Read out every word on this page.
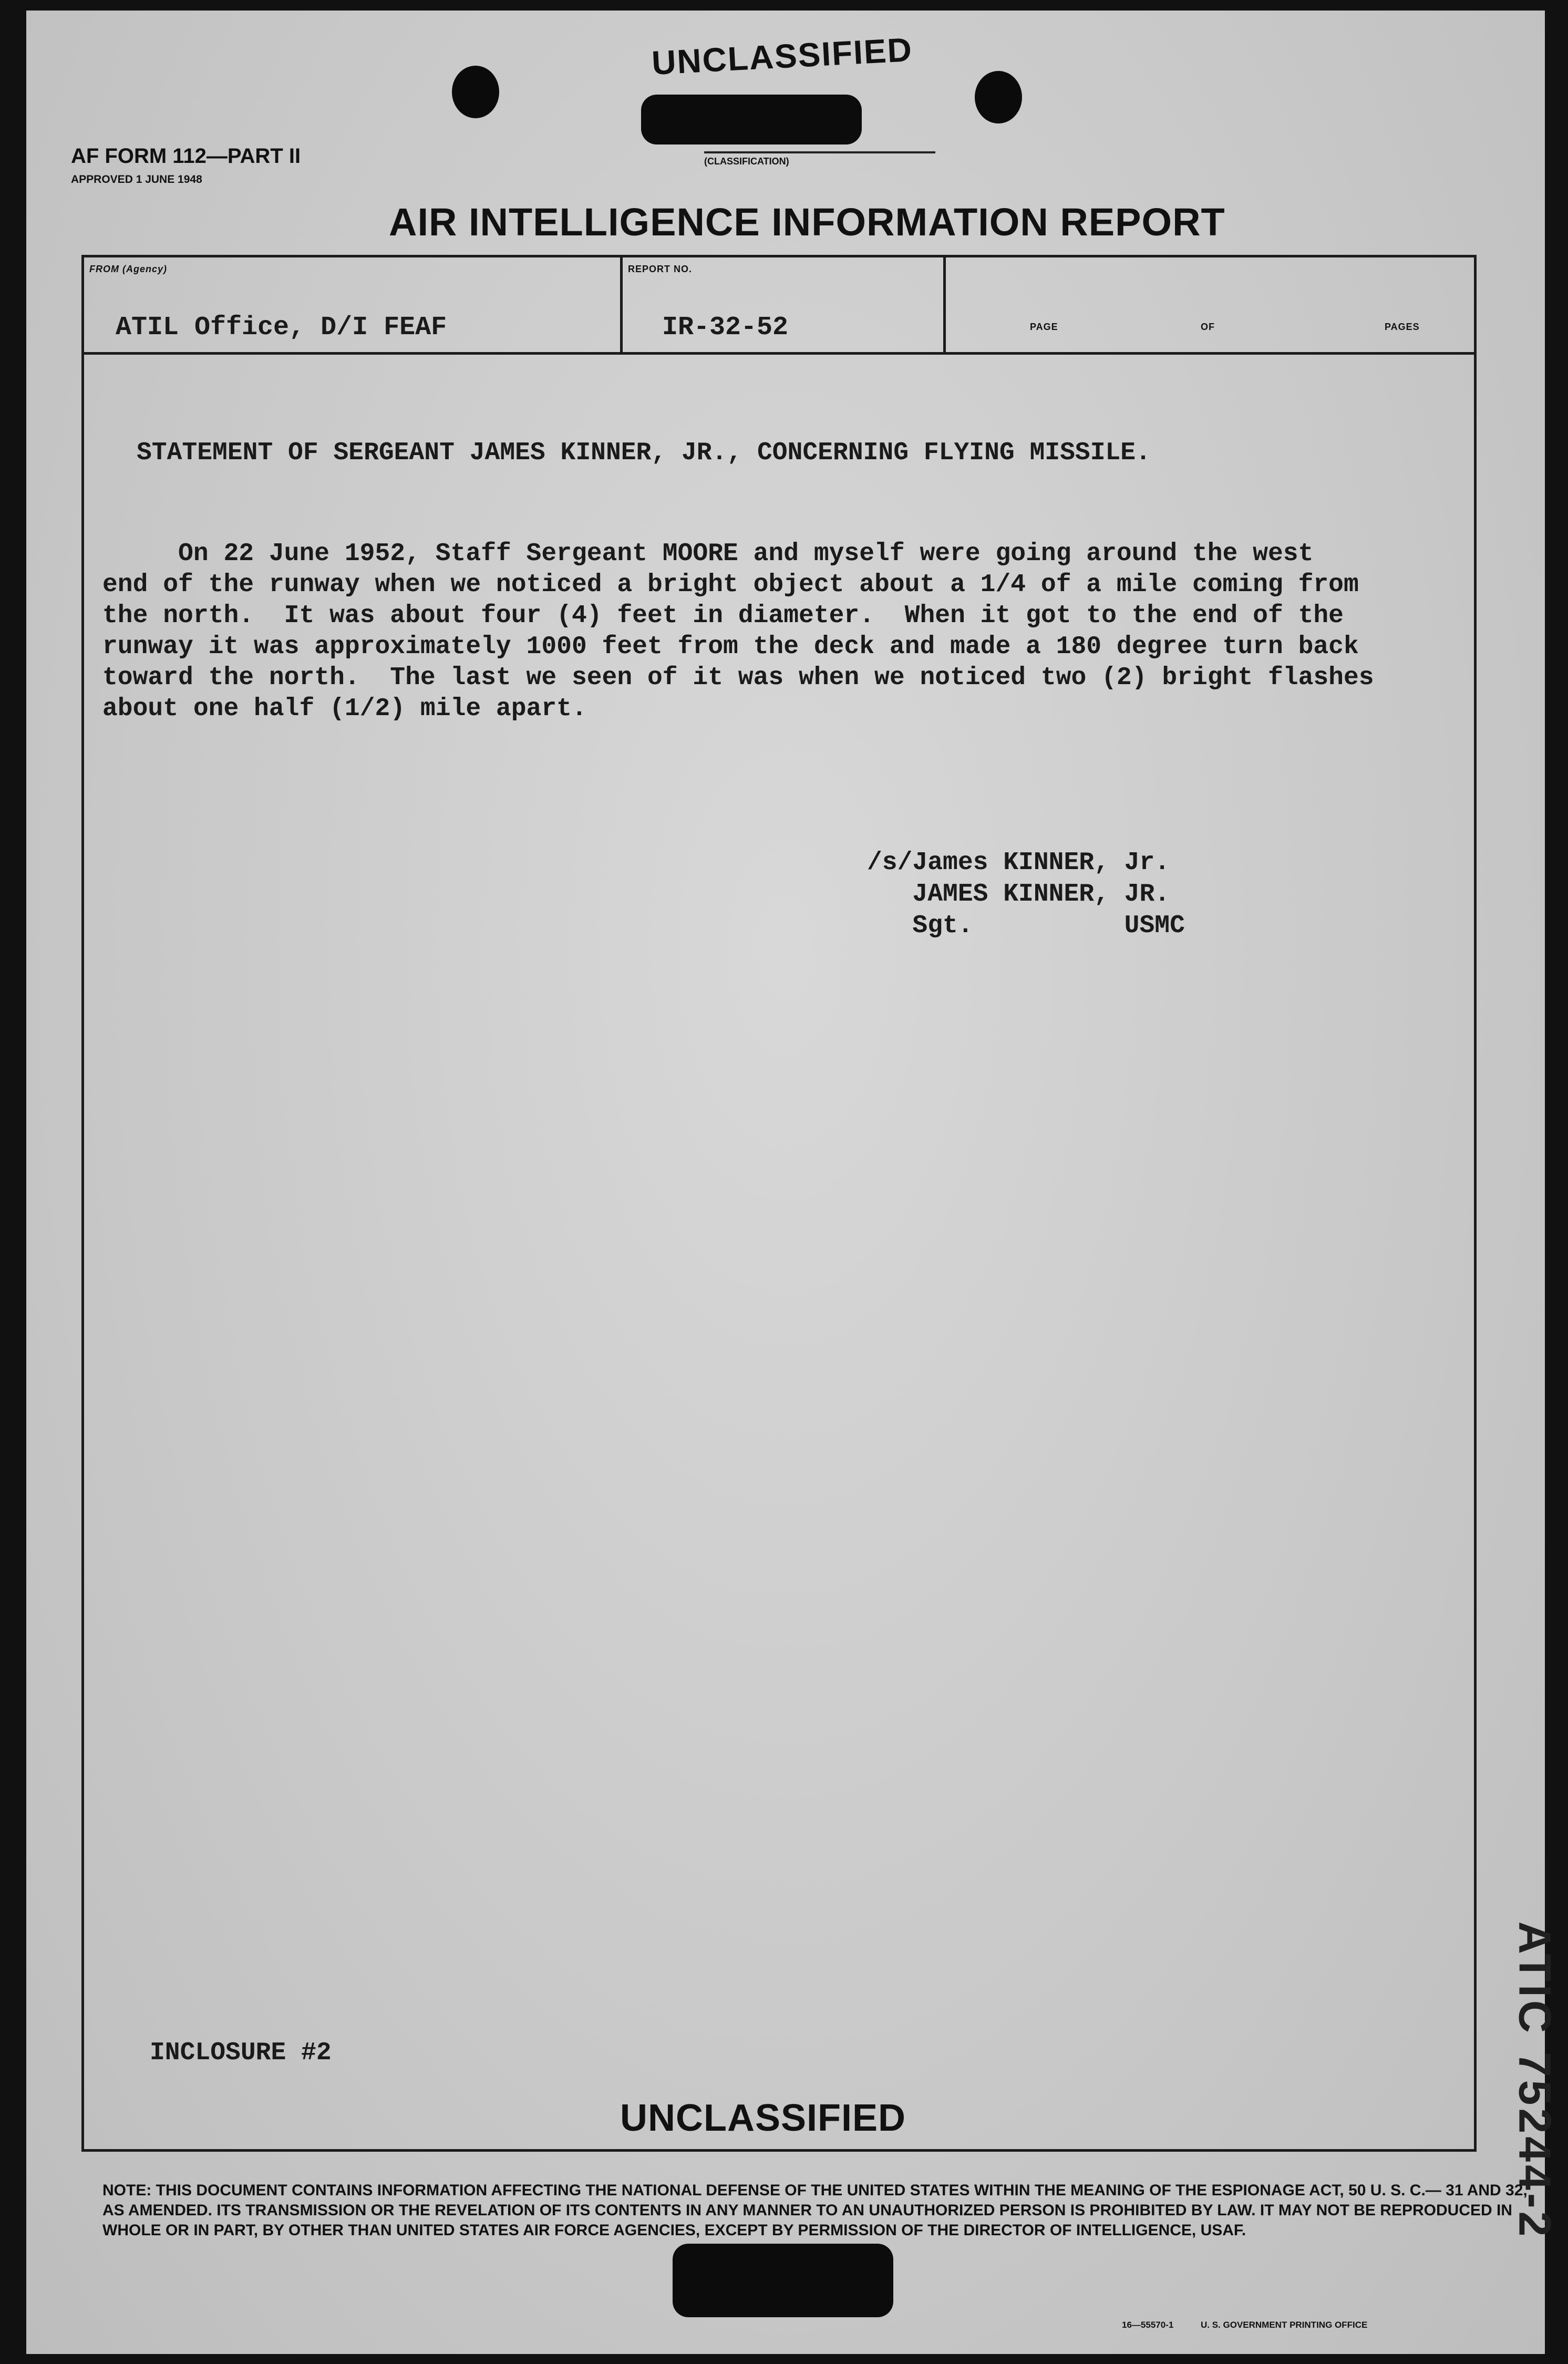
UNCLASSIFIED
(CLASSIFICATION)
AF FORM 112—PART II
APPROVED 1 JUNE 1948
AIR INTELLIGENCE INFORMATION REPORT
FROM (Agency)
ATIL Office, D/I FEAF
REPORT NO.
IR-32-52	PAGE	OF	PAGES
STATEMENT OF SERGEANT JAMES KINNER, JR., CONCERNING FLYING MISSILE.
On 22 June 1952, Staff Sergeant MOORE and myself were going around the west
end of the runway when we noticed a bright object about a 1/4 of a mile coming from
the north.  It was about four (4) feet in diameter.  When it got to the end of the
runway it was approximately 1000 feet from the deck and made a 180 degree turn back
toward the north.  The last we seen of it was when we noticed two (2) bright flashes
about one half (1/2) mile apart.
/s/James KINNER, Jr.
JAMES KINNER, JR.
Sgt.          USMC
INCLOSURE #2
UNCLASSIFIED	ATIC 75244-2
NOTE: THIS DOCUMENT CONTAINS INFORMATION AFFECTING THE NATIONAL DEFENSE OF THE UNITED STATES WITHIN THE MEANING OF THE ESPIONAGE ACT, 50 U. S. C.— 31 AND 32, AS AMENDED. ITS TRANSMISSION OR THE REVELATION OF ITS CONTENTS IN ANY MANNER TO AN UNAUTHORIZED PERSON IS PROHIBITED BY LAW. IT MAY NOT BE REPRODUCED IN WHOLE OR IN PART, BY OTHER THAN UNITED STATES AIR FORCE AGENCIES, EXCEPT BY PERMISSION OF THE DIRECTOR OF INTELLIGENCE, USAF.
16—55570-1	U. S. GOVERNMENT PRINTING OFFICE
